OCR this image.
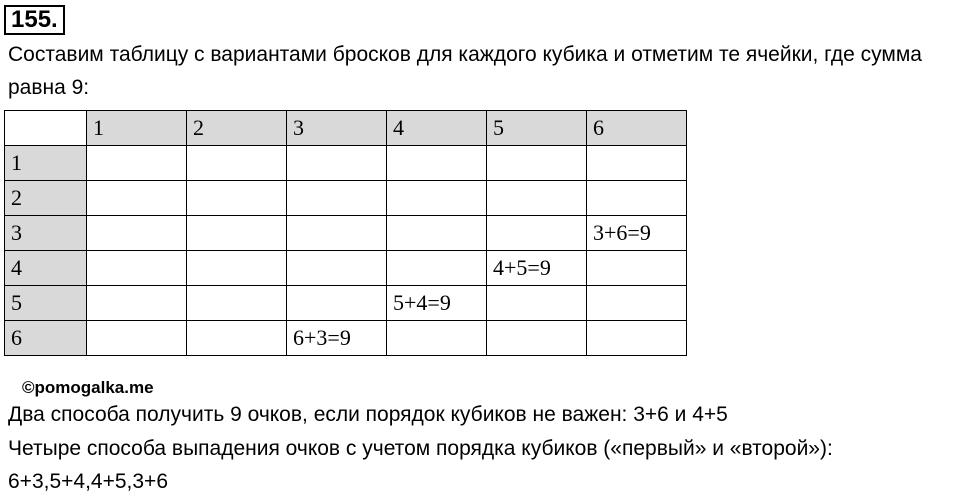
155.
Составим таблицу с вариантами бросков для каждого кубика и отметим те ячейки, где сумма равна 9:
	1	2	3	4	5	6
1						
2						
3						3+6=9
4					4+5=9	
5				5+4=9		
6			6+3=9			
©pomogalka.me
Два способа получить 9 очков, если порядок кубиков не важен: 3+6 и 4+5
Четыре способа выпадения очков с учетом порядка кубиков («первый» и «второй»):
6+3,5+4,4+5,3+6
